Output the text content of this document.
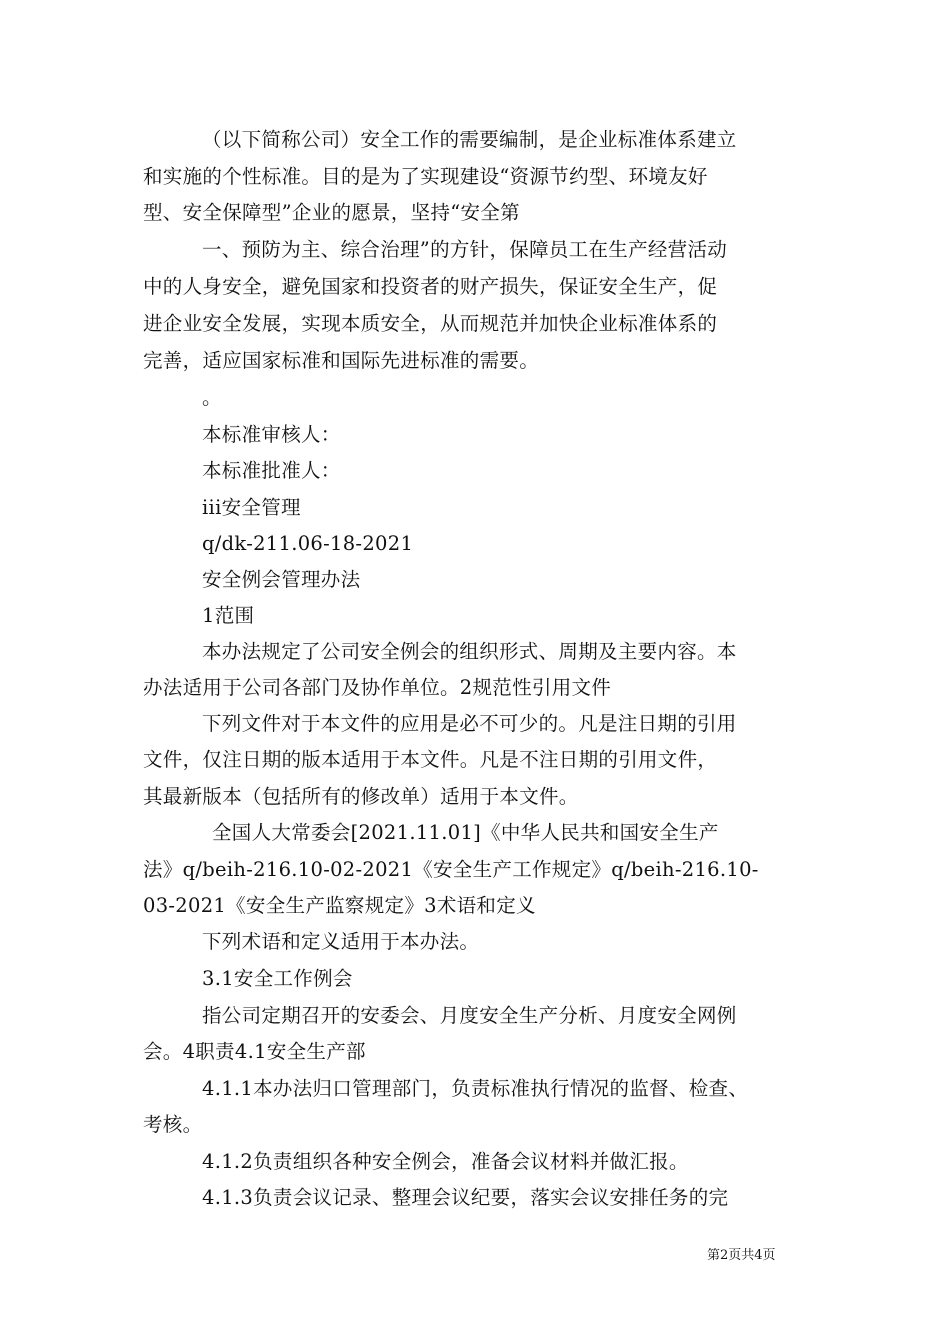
（以下简称公司）安全工作的需要编制，是企业标准体系建立
和实施的个性标准。目的是为了实现建设“资源节约型、环境友好
型、安全保障型”企业的愿景，坚持“安全第
一、预防为主、综合治理”的方针，保障员工在生产经营活动
中的人身安全，避免国家和投资者的财产损失，保证安全生产，促
进企业安全发展，实现本质安全，从而规范并加快企业标准体系的
完善，适应国家标准和国际先进标准的需要。
。
本标准审核人：
本标准批准人：
iii安全管理
q/dk-211.06-18-2021
安全例会管理办法
1范围
本办法规定了公司安全例会的组织形式、周期及主要内容。本
办法适用于公司各部门及协作单位。2规范性引用文件
下列文件对于本文件的应用是必不可少的。凡是注日期的引用
文件，仅注日期的版本适用于本文件。凡是不注日期的引用文件，
其最新版本（包括所有的修改单）适用于本文件。
全国人大常委会[2021.11.01]《中华人民共和国安全生产
法》q/beih-216.10-02-2021《安全生产工作规定》q/beih-216.10-
03-2021《安全生产监察规定》3术语和定义
下列术语和定义适用于本办法。
3.1安全工作例会
指公司定期召开的安委会、月度安全生产分析、月度安全网例
会。4职责4.1安全生产部
4.1.1本办法归口管理部门，负责标准执行情况的监督、检查、
考核。
4.1.2负责组织各种安全例会，准备会议材料并做汇报。
4.1.3负责会议记录、整理会议纪要，落实会议安排任务的完
第2页共4页
